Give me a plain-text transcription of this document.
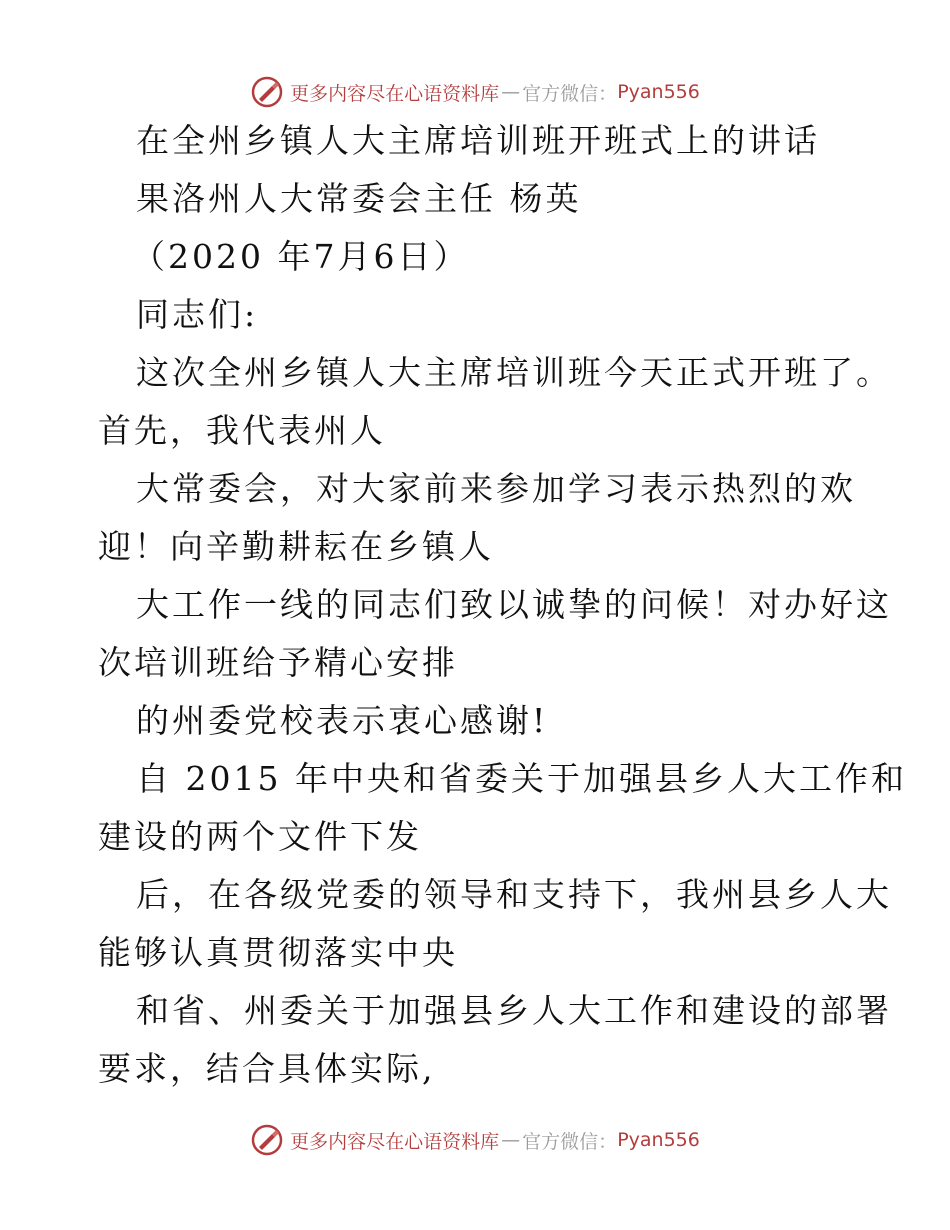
更多内容尽在心语资料库 — 官方微信： Pyan556
在全州乡镇人大主席培训班开班式上的讲话
果洛州人大常委会主任 杨英
（2020 年7月6日）
同志们:
这次全州乡镇人大主席培训班今天正式开班了。
首先，我代表州人
大常委会，对大家前来参加学习表示热烈的欢
迎！向辛勤耕耘在乡镇人
大工作一线的同志们致以诚挚的问候！对办好这
次培训班给予精心安排
的州委党校表示衷心感谢!
自 2015 年中央和省委关于加强县乡人大工作和
建设的两个文件下发
后，在各级党委的领导和支持下，我州县乡人大
能够认真贯彻落实中央
和省、州委关于加强县乡人大工作和建设的部署
要求，结合具体实际,
更多内容尽在心语资料库 — 官方微信： Pyan556
